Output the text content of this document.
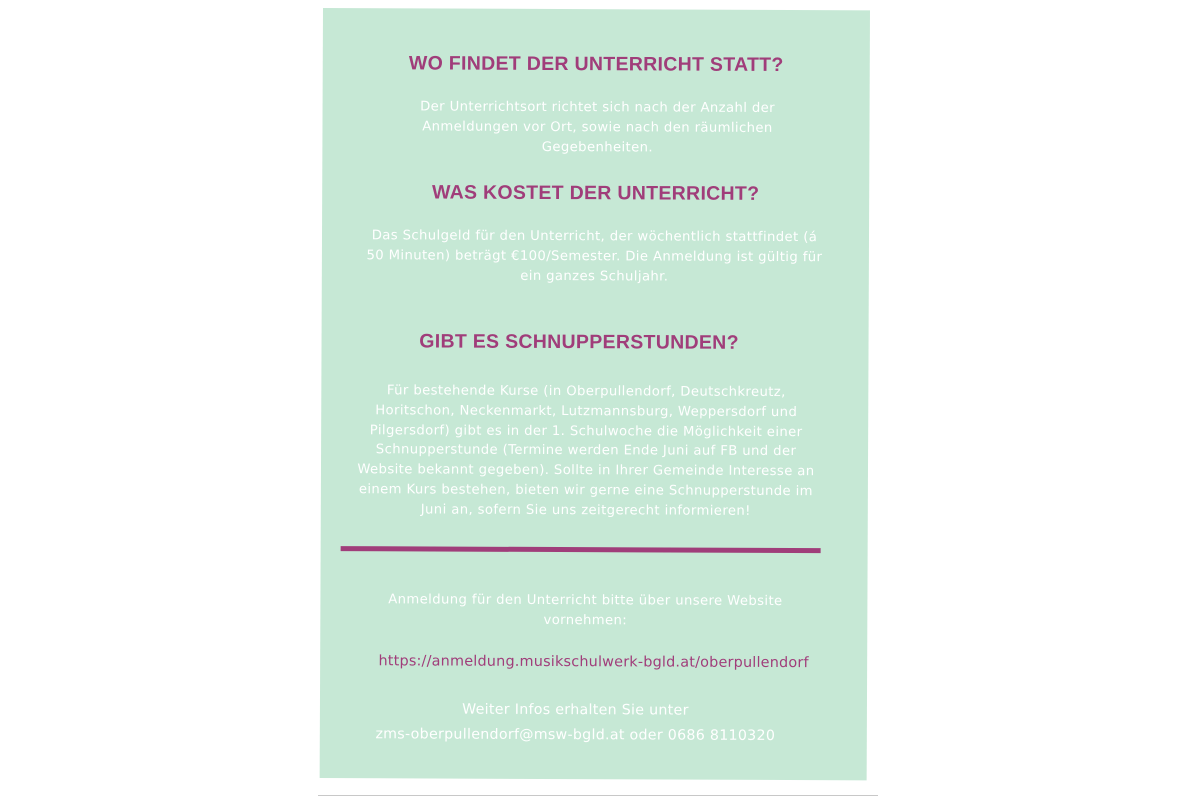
WO FINDET DER UNTERRICHT STATT?

Der Unterrichtsort richtet sich nach der Anzahl der
Anmeldungen vor Ort, sowie nach den räumlichen
Gegebenheiten.

WAS KOSTET DER UNTERRICHT?

Das Schulgeld für den Unterricht, der wöchentlich stattfindet (á
50 Minuten) beträgt €100/Semester. Die Anmeldung ist gültig für
ein ganzes Schuljahr.

GIBT ES SCHNUPPERSTUNDEN?

Für bestehende Kurse (in Oberpullendorf, Deutschkreutz,
Horitschon, Neckenmarkt, Lutzmannsburg, Weppersdorf und
Pilgersdorf) gibt es in der 1. Schulwoche die Möglichkeit einer
Schnupperstunde (Termine werden Ende Juni auf FB und der
Website bekannt gegeben). Sollte in Ihrer Gemeinde Interesse an
einem Kurs bestehen, bieten wir gerne eine Schnupperstunde im
Juni an, sofern Sie uns zeitgerecht informieren!

Anmeldung für den Unterricht bitte über unsere Website
vornehmen:

https://anmeldung.musikschulwerk-bgld.at/oberpullendorf

Weiter Infos erhalten Sie unter

zms-oberpullendorf@msw-bgld.at oder 0686 8110320
